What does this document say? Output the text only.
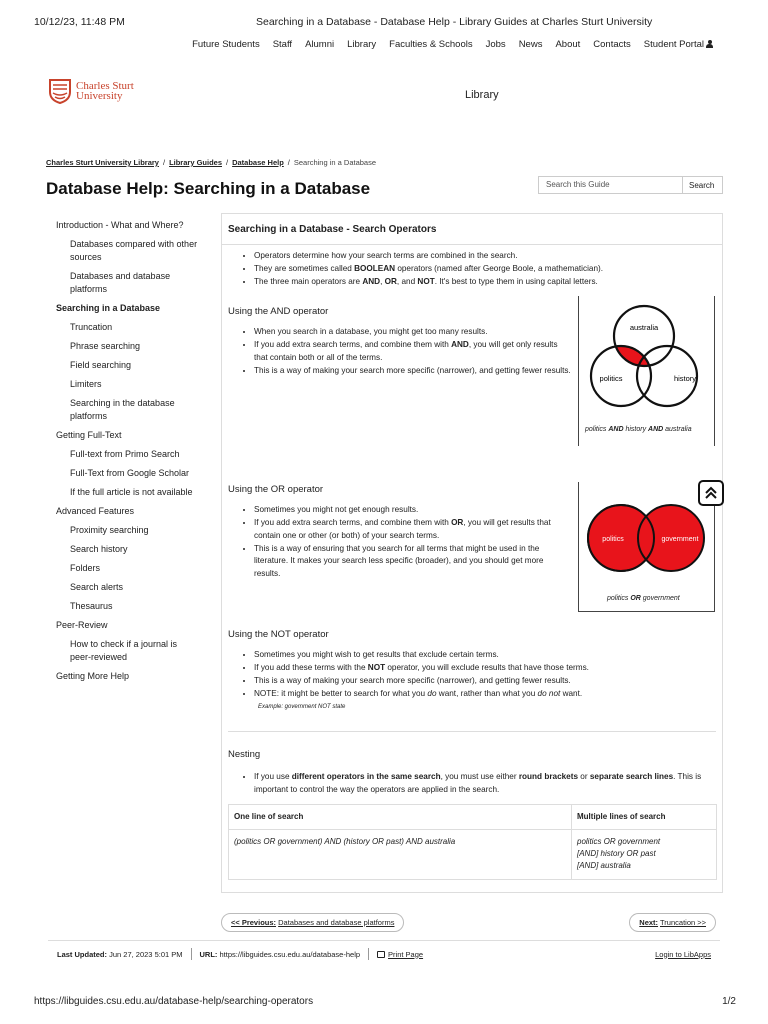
10/12/23, 11:48 PM	Searching in a Database - Database Help - Library Guides at Charles Sturt University
Future Students Staff Alumni Library Faculties & Schools Jobs News About Contacts Student Portal
Charles Sturt
University	Library
Charles Sturt University Library / Library Guides / Database Help / Searching in a Database
Database Help: Searching in a Database	Search this Guide	Search
Introduction - What and Where?
Databases compared with other sources
Databases and database platforms
Searching in a Database
Truncation
Phrase searching
Field searching
Limiters
Searching in the database platforms
Getting Full-Text
Full-text from Primo Search
Full-Text from Google Scholar
If the full article is not available
Advanced Features
Proximity searching
Search history
Folders
Search alerts
Thesaurus
Peer-Review
How to check if a journal is peer-reviewed
Getting More Help
Searching in a Database - Search Operators
• Operators determine how your search terms are combined in the search.
• They are sometimes called BOOLEAN operators (named after George Boole, a mathematician).
• The three main operators are AND, OR, and NOT. It's best to type them in using capital letters.
Using the AND operator
• When you search in a database, you might get too many results.
• If you add extra search terms, and combine them with AND, you will get only results that contain both or all of the terms.
• This is a way of making your search more specific (narrower), and getting fewer results.
australia
politics	history
politics AND history AND australia
Using the OR operator
• Sometimes you might not get enough results.
• If you add extra search terms, and combine them with OR, you will get results that contain one or other (or both) of your search terms.
• This is a way of ensuring that you search for all terms that might be used in the literature. It makes your search less specific (broader), and you should get more results.
politics	government
politics OR government
Using the NOT operator
• Sometimes you might wish to get results that exclude certain terms.
• If you add these terms with the NOT operator, you will exclude results that have those terms.
• This is a way of making your search more specific (narrower), and getting fewer results.
• NOTE: it might be better to search for what you do want, rather than what you do not want.
Example: government NOT state
Nesting
• If you use different operators in the same search, you must use either round brackets or separate search lines. This is important to control the way the operators are applied in the search.
One line of search	Multiple lines of search
(politics OR government) AND (history OR past) AND australia	politics OR government
[AND] history OR past
[AND] australia
<< Previous: Databases and database platforms	Next: Truncation >>
Last Updated:
Jun 27, 2023 5:01 PM URL:
https://libguides.csu.edu.au/database-help	Print Page	Login to LibApps
https://libguides.csu.edu.au/database-help/searching-operators	1/2
